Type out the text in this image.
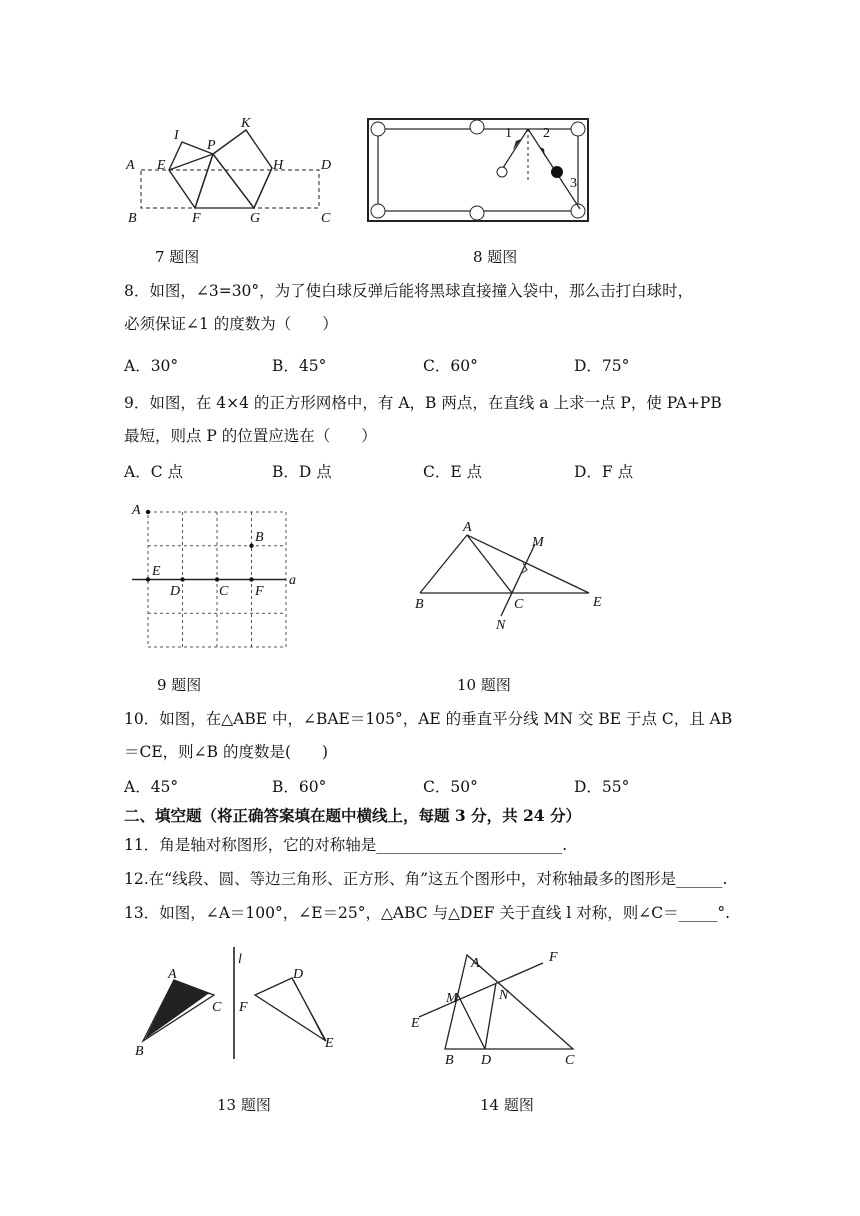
A E
I
P
K
H	D
B	F	G	C
7 题图
1 2
3
8 题图
8．如图，∠3=30°，为了使白球反弹后能将黑球直接撞入袋中，那么击打白球时，
必须保证∠1 的度数为（　　）
A．30°	B．45°	C．60°	D．75°
9．如图，在 4×4 的正方形网格中，有 A，B 两点，在直线 a 上求一点 P，使 PA+PB
最短，则点 P 的位置应选在（　　）
A．C 点	B．D 点	C．E 点	D．F 点
A
B
E
D	C F
a
9 题图
A
M
B	C	E
N
10 题图
10．如图，在△ABE 中，∠BAE＝105°，AE 的垂直平分线 MN 交 BE 于点 C，且 AB
＝CE，则∠B 的度数是(　　)
A．45°	B．60°	C．50°	D．55°
二、填空题（将正确答案填在题中横线上，每题 3 分，共 24 分）
11．角是轴对称图形，它的对称轴是________________________.
12.在“线段、圆、等边三角形、正方形、角”这五个图形中，对称轴最多的图形是______.
13．如图，∠A＝100°，∠E＝25°，△ABC 与△DEF 关于直线 l 对称，则∠C＝_____°.
l
A
C
B
F
D
E
13 题图
A	F
M	N
E
B D	C
14 题图
